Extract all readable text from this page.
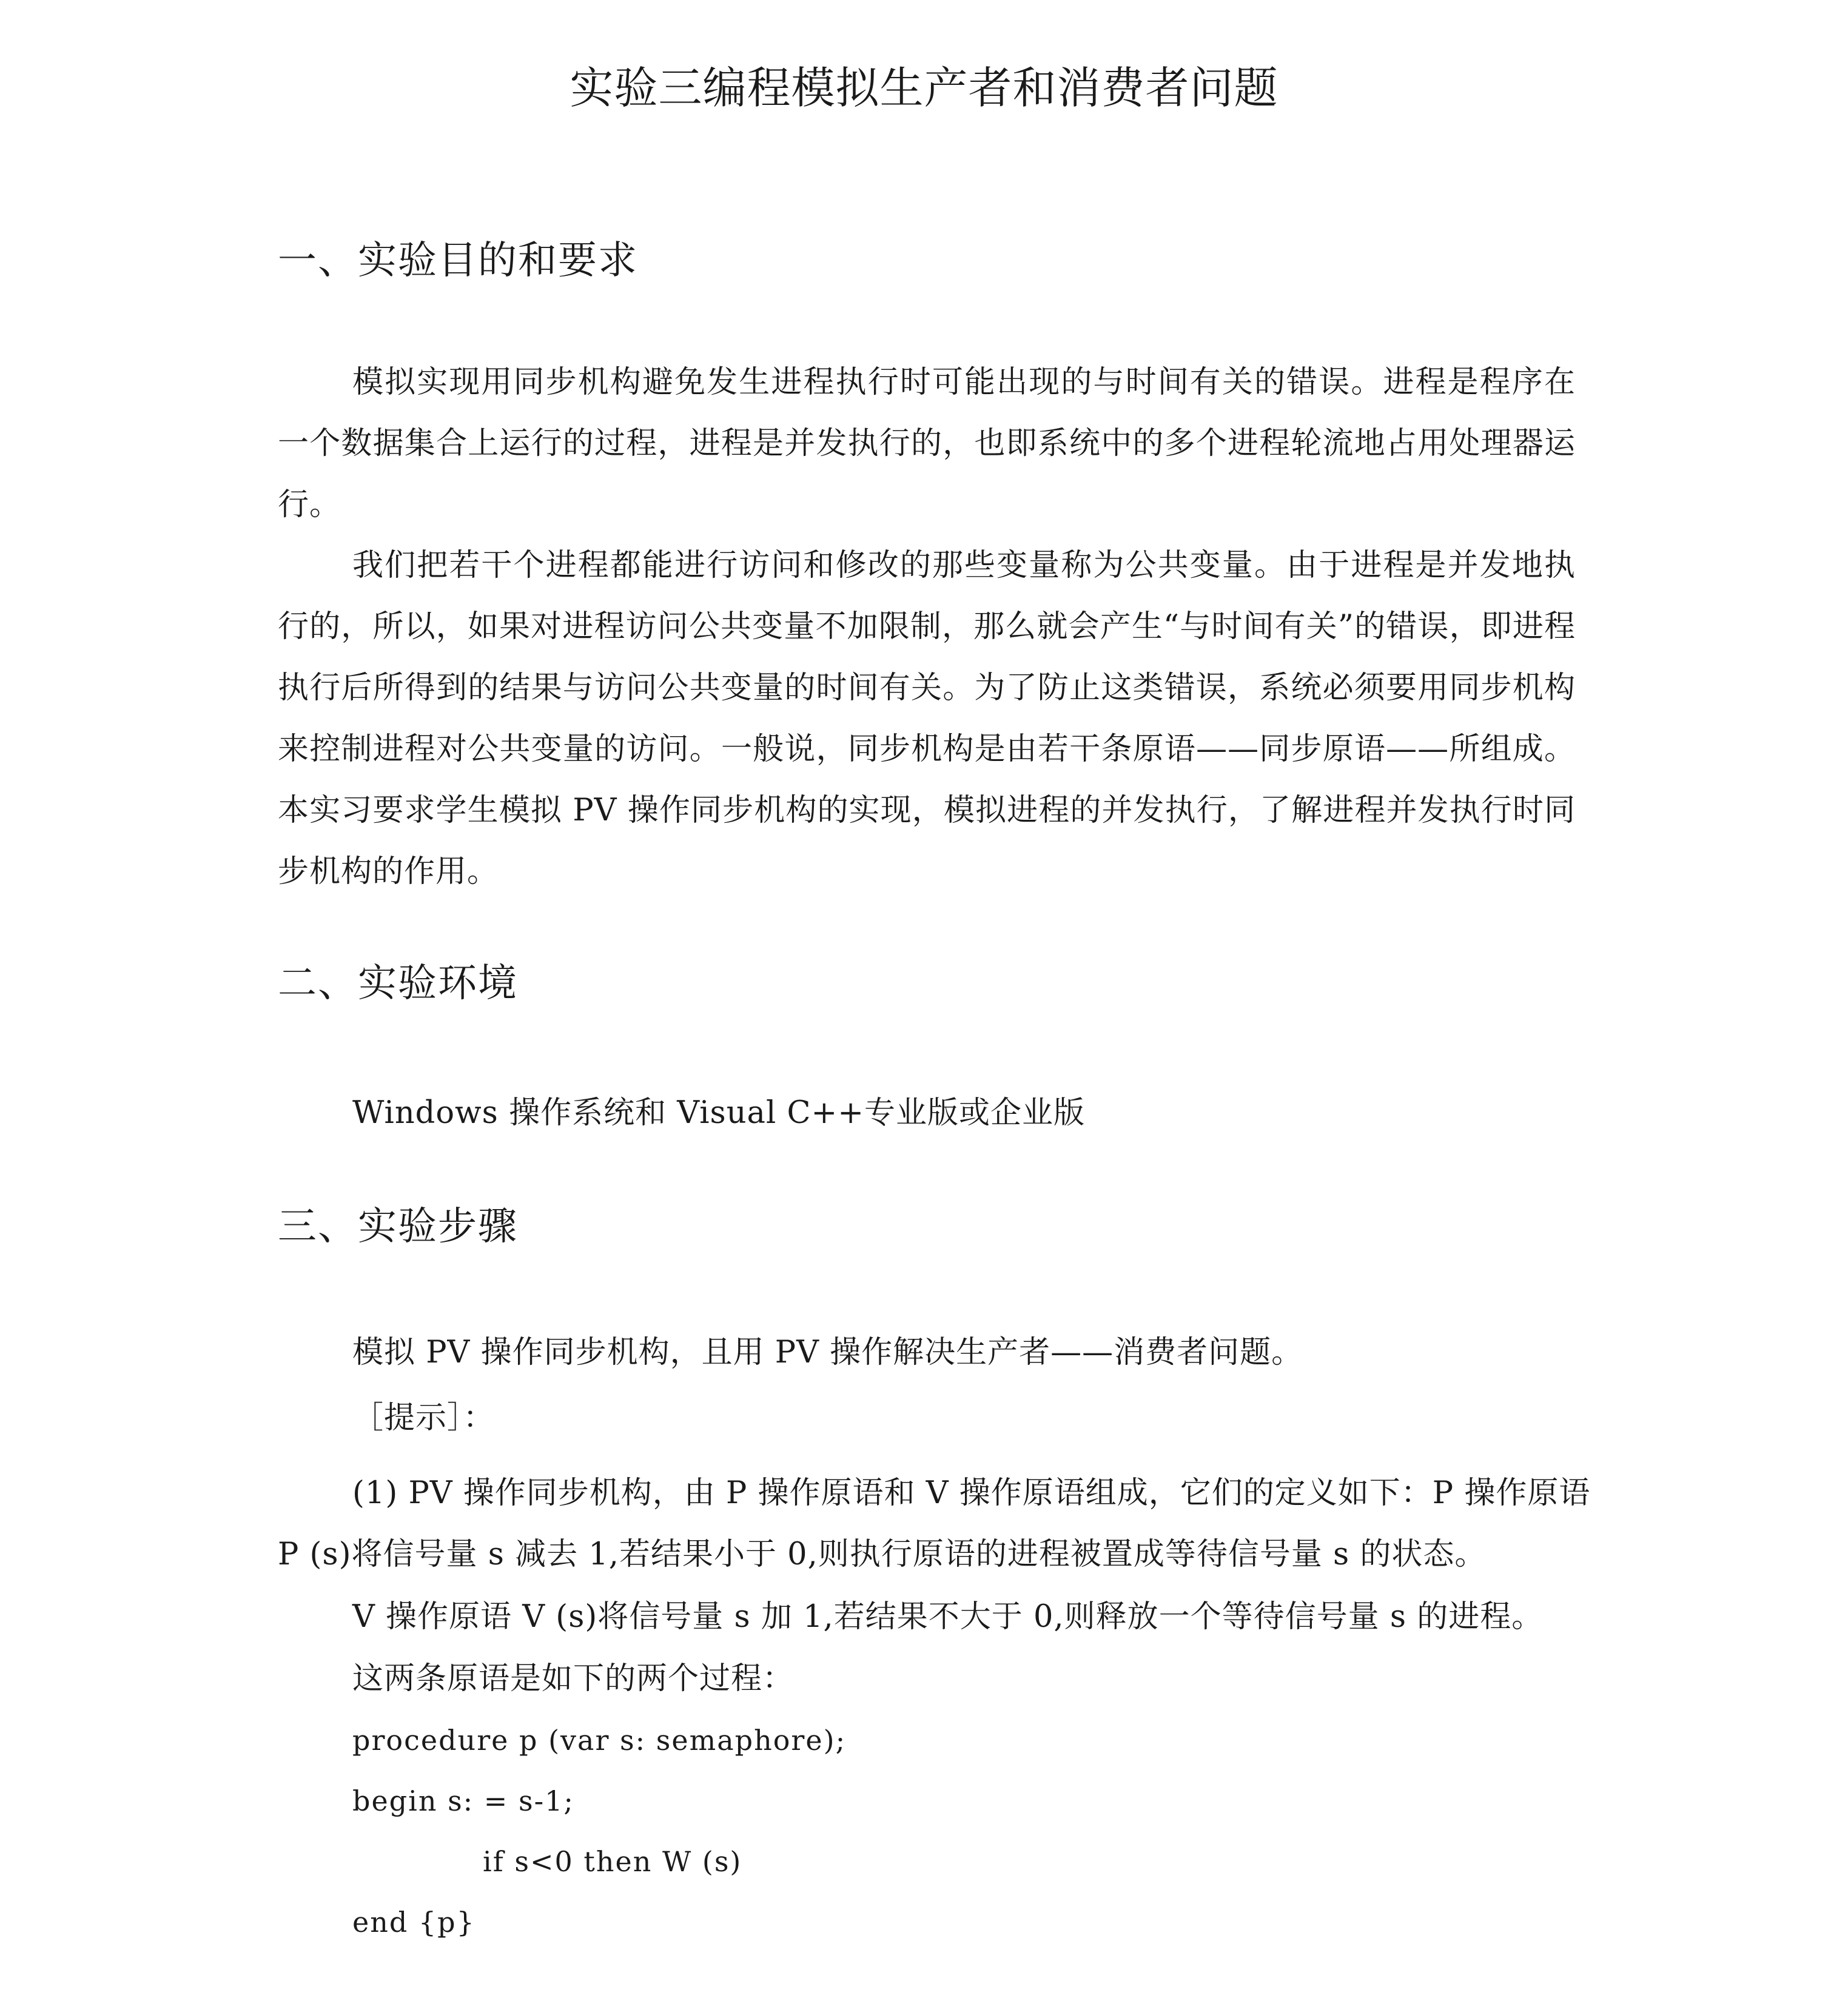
实验三编程模拟生产者和消费者问题
一、实验目的和要求

模拟实现用同步机构避免发生进程执行时可能出现的与时间有关的错误。进程是程序在一个数据集合上运行的过程，进程是并发执行的，也即系统中的多个进程轮流地占用处理器运行。

我们把若干个进程都能进行访问和修改的那些变量称为公共变量。由于进程是并发地执行的，所以，如果对进程访问公共变量不加限制，那么就会产生“与时间有关”的错误，即进程执行后所得到的结果与访问公共变量的时间有关。为了防止这类错误，系统必须要用同步机构来控制进程对公共变量的访问。一般说，同步机构是由若干条原语——同步原语——所组成。本实习要求学生模拟 PV 操作同步机构的实现，模拟进程的并发执行，了解进程并发执行时同步机构的作用。

二、实验环境

Windows 操作系统和 Visual C++专业版或企业版

三、实验步骤

模拟 PV 操作同步机构，且用 PV 操作解决生产者——消费者问题。

［提示］：

(1) PV 操作同步机构，由 P 操作原语和 V 操作原语组成，它们的定义如下：P 操作原语

P (s)将信号量 s 减去 1,若结果小于 0,则执行原语的进程被置成等待信号量 s 的状态。

V 操作原语 V (s)将信号量 s 加 1,若结果不大于 0,则释放一个等待信号量 s 的进程。

这两条原语是如下的两个过程：

procedure p (var s: semaphore);
begin s: = s-1;
if s<0 then W (s)
end {p}
